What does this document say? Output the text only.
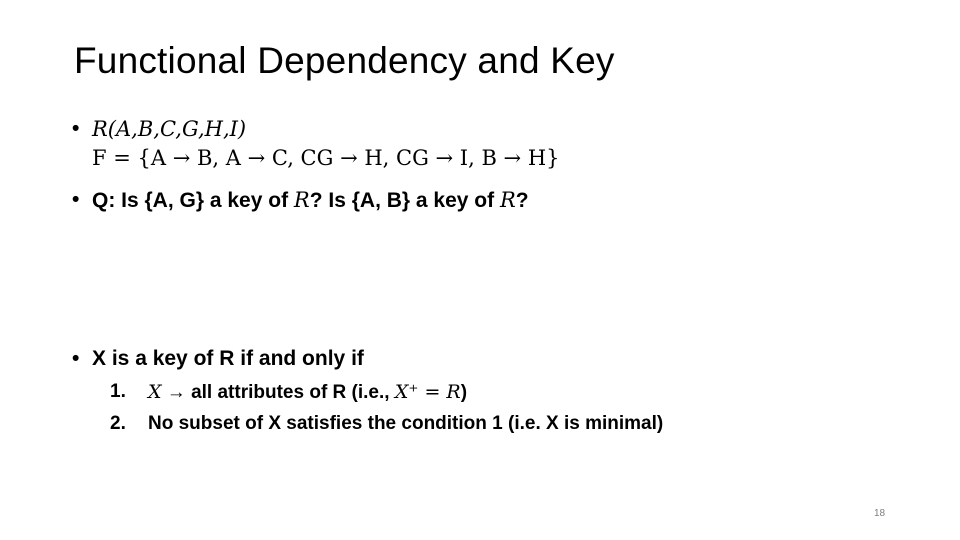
Functional Dependency and Key
• R(A,B,C,G,H,I)
F = {A → B, A → C, CG → H, CG → I, B → H}
• Q: Is {A, G} a key of R? Is {A, B} a key of R?
• X is a key of R if and only if
1. X → all attributes of R (i.e., X⁺ = R)
2. No subset of X satisfies the condition 1 (i.e. X is minimal)
18
